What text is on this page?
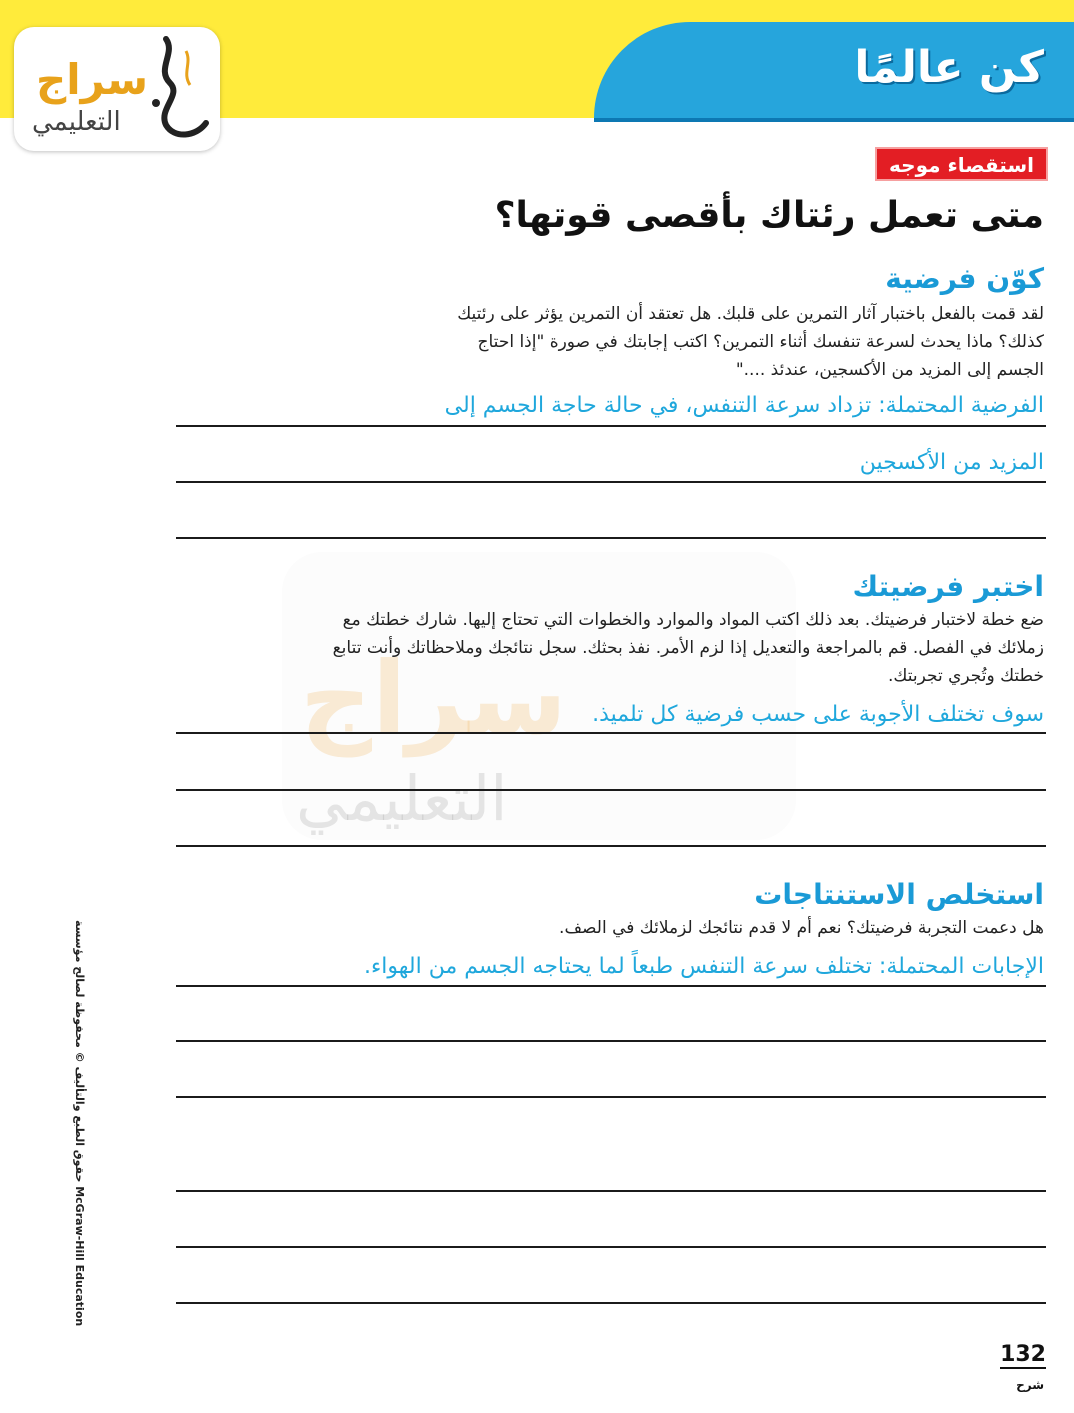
كن عالمًا
سراج
التعليمي
استقصاء موجه
متى تعمل رئتاك بأقصى قوتها؟
كوّن فرضية
لقد قمت بالفعل باختبار آثار التمرين على قلبك. هل تعتقد أن التمرين يؤثر على رئتيك
كذلك؟ ماذا يحدث لسرعة تنفسك أثناء التمرين؟ اكتب إجابتك في صورة "إذا احتاج
الجسم إلى المزيد من الأكسجين، عندئذ ...."
الفرضية المحتملة: تزداد سرعة التنفس، في حالة حاجة الجسم إلى
المزيد من الأكسجين
سراج
التعليمي
اختبر فرضيتك
ضع خطة لاختبار فرضيتك. بعد ذلك اكتب المواد والموارد والخطوات التي تحتاج إليها. شارك خطتك مع
زملائك في الفصل. قم بالمراجعة والتعديل إذا لزم الأمر. نفذ بحثك. سجل نتائجك وملاحظاتك وأنت تتابع
خطتك وتُجري تجربتك.
سوف تختلف الأجوبة على حسب فرضية كل تلميذ.
استخلص الاستنتاجات
هل دعمت التجربة فرضيتك؟ نعم أم لا قدم نتائجك لزملائك في الصف.
الإجابات المحتملة: تختلف سرعة التنفس طبعاً لما يحتاجه الجسم من الهواء.
حقوق الطبع والتأليف © محفوظة لصالح مؤسسة McGraw-Hill Education
132
شرح
